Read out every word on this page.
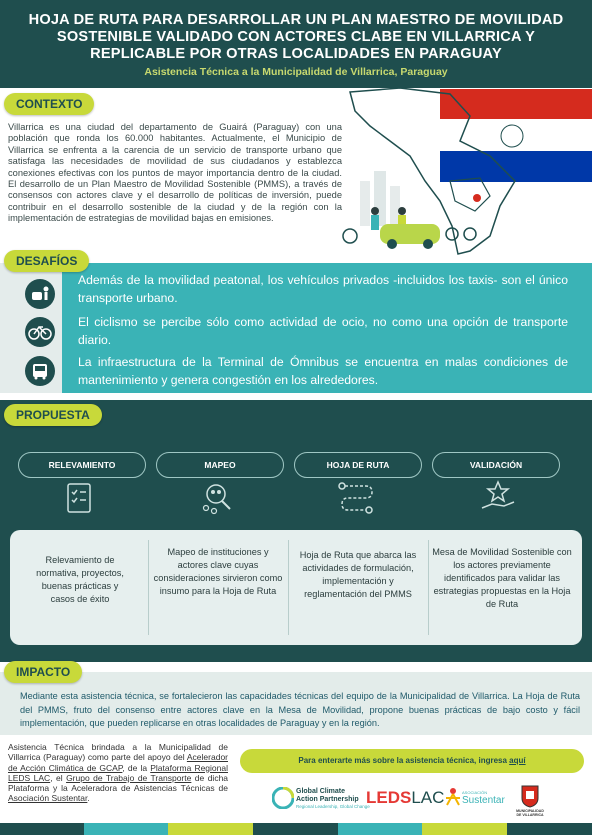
HOJA DE RUTA PARA DESARROLLAR UN PLAN MAESTRO DE MOVILIDAD SOSTENIBLE VALIDADO CON ACTORES CLABE EN VILLARRICA Y REPLICABLE POR OTRAS LOCALIDADES EN PARAGUAY
Asistencia Técnica a la Municipalidad de Villarrica, Paraguay
CONTEXTO
Villarrica es una ciudad del departamento de Guairá (Paraguay) con una población que ronda los 60.000 habitantes. Actualmente, el Municipio de Villarrica se enfrenta a la carencia de un servicio de transporte urbano que satisfaga las necesidades de movilidad de sus ciudadanos y establezca conexiones efectivas con los puntos de mayor importancia dentro de la ciudad. El desarrollo de un Plan Maestro de Movilidad Sostenible (PMMS), a través de consensos con actores clave y el desarrollo de políticas de inversión, puede contribuir en el desarrollo sostenible de la ciudad y de la región con la implementación de estrategias de movilidad bajas en emisiones.
DESAFÍOS
Además de la movilidad peatonal, los vehículos privados -incluidos los taxis- son el único transporte urbano.
El ciclismo se percibe sólo como actividad de ocio, no como una opción de transporte diario.
La infraestructura de la Terminal de Ómnibus se encuentra en malas condiciones de mantenimiento y genera congestión en los alrededores.
PROPUESTA
RELEVAMIENTO	MAPEO	HOJA DE RUTA	VALIDACIÓN
Relevamiento de normativa, proyectos, buenas prácticas y casos de éxito
Mapeo de instituciones y actores clave cuyas consideraciones sirvieron como insumo para la Hoja de Ruta
Hoja de Ruta que abarca las actividades de formulación, implementación y reglamentación del PMMS
Mesa de Movilidad Sostenible con los actores previamente identificados para validar las estrategias propuestas en la Hoja de Ruta
IMPACTO
Mediante esta asistencia técnica, se fortalecieron las capacidades técnicas del equipo de la Municipalidad de Villarrica. La Hoja de Ruta del PMMS, fruto del consenso entre actores clave en la Mesa de Movilidad, propone buenas prácticas de bajo costo y fácil implementación, que pueden replicarse en otras localidades de Paraguay y en la región.
Asistencia Técnica brindada a la Municipalidad de Villarrica (Paraguay) como parte del apoyo del Acelerador de Acción Climática de GCAP, de la Plataforma Regional LEDS LAC, el Grupo de Trabajo de Transporte de dicha Plataforma y la Aceleradora de Asistencias Técnicas de Asociación Sustentar.
Para enterarte más sobre la asistencia técnica, ingresa aquí
Global Climate
Action Partnership
Regional Leadership, Global Change
LEDSLAC	ASOCIACIÓN
Sustentar
MUNICIPALIDAD
DE VILLARRICA
